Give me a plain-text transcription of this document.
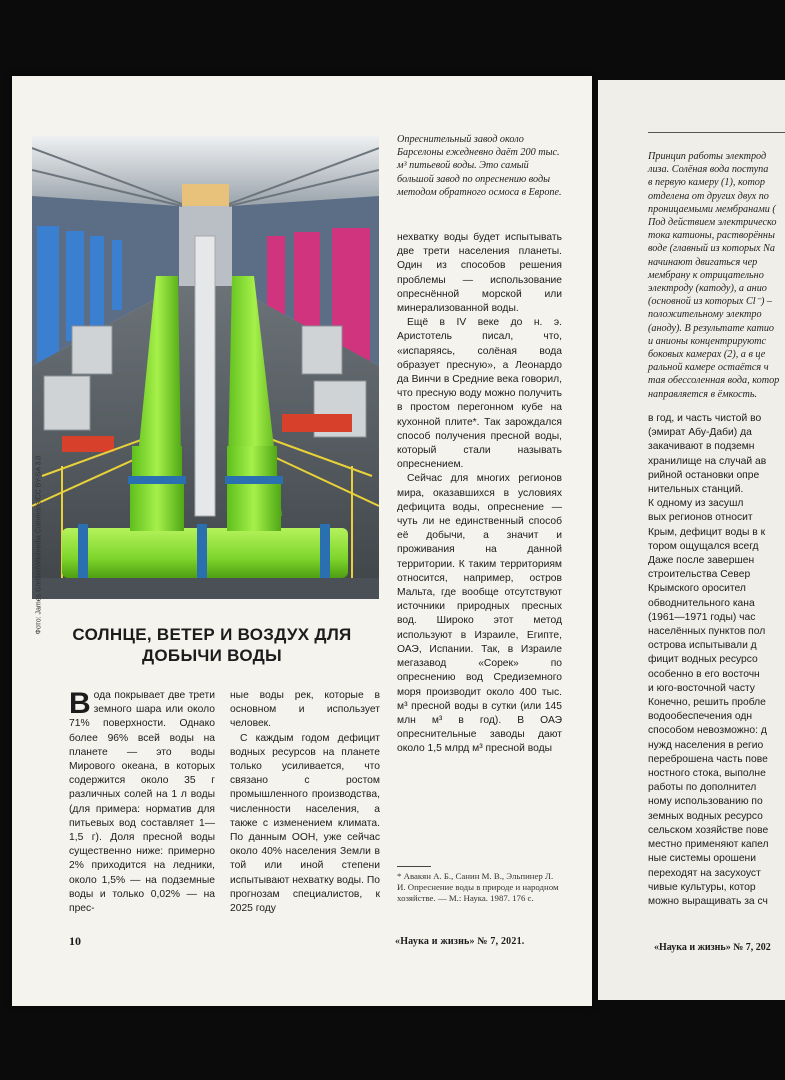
Фото: James Grellier/Wikimedia Commons/CC BY-SA 3.0
Опреснительный завод около Барселоны ежедневно даёт 200 тыс. м³ питьевой воды. Это самый большой завод по опреснению воды методом обратного осмоса в Европе.

нехватку воды будет испытывать две трети населения планеты. Один из способов решения проблемы — использование опреснённой морской или минерализованной воды.

Ещё в IV веке до н. э. Аристотель писал, что, «испаряясь, солёная вода образует пресную», а Леонардо да Винчи в Средние века говорил, что пресную воду можно получить в простом перегонном кубе на кухонной плите*. Так зарождался способ получения пресной воды, который стали называть опреснением.

Сейчас для многих регионов мира, оказавшихся в условиях дефицита воды, опреснение — чуть ли не единственный способ её добычи, а значит и проживания на данной территории. К таким территориям относится, например, остров Мальта, где вообще отсутствуют источники природных пресных вод. Широко этот метод используют в Израиле, Египте, ОАЭ, Испании. Так, в Израиле мегазавод «Сорек» по опреснению вод Средиземного моря производит около 400 тыс. м³ пресной воды в сутки (или 145 млн м³ в год). В ОАЭ опреснительные заводы дают около 1,5 млрд м³ пресной воды

СОЛНЦЕ, ВЕТЕР И ВОЗДУХ ДЛЯ ДОБЫЧИ ВОДЫ
В ода покрывает две трети земного шара или около 71% поверхности. Однако более 96% всей воды на планете — это воды Мирового океана, в которых содержится около 35 г различных солей на 1 л воды (для примера: норматив для питьевых вод составляет 1—1,5 г). Доля пресной воды существенно ниже: примерно 2% приходится на ледники, около 1,5% — на подземные воды и только 0,02% — на прес-

ные воды рек, которые в основном и использует человек.

С каждым годом дефицит водных ресурсов на планете только усиливается, что связано с ростом промышленного производства, численности населения, а также с изменением климата. По данным ООН, уже сейчас около 40% населения Земли в той или иной степени испытывают нехватку воды. По прогнозам специалистов, к 2025 году

* Авакян А. Б., Санин М. В., Эльпинер Л. И. Опреснение воды в природе и народном хозяйстве. — М.: Наука. 1987. 176 с.
10	«Наука и жизнь» № 7, 2021.
Принцип работы электрод
лиза. Солёная вода поступа
в первую камеру (1), котор
отделена от других двух по
проницаемыми мембранами (
Под действием электрическо
тока катионы, растворённы
воде (главный из которых Na
начинают двигаться чер
мембрану к отрицательно
электроду (катоду), а анио
(основной из которых Cl⁻) –
положительному электро
(аноду). В результате катио
и анионы концентрируютс
боковых камерах (2), а в це
ральной камере остаётся ч
тая обессоленная вода, котор
направляется в ёмкость.
в год, и часть чистой во
(эмират Абу-Даби) да
закачивают в подземн
хранилище на случай ав
рийной остановки опре
нительных станций.
К одному из засушл
вых регионов относит
Крым, дефицит воды в к
тором ощущался всегд
Даже после завершен
строительства Север
Крымского оросител
обводнительного кана
(1961—1971 годы) час
населённых пунктов пол
острова испытывали д
фицит водных ресурсо
особенно в его восточн
и юго-восточной часту
Конечно, решить пробле
водообеспечения одн
способом невозможно: д
нужд населения в регио
переброшена часть пове
ностного стока, выполне
работы по дополнител
ному использованию по
земных водных ресурсо
сельском хозяйстве пове
местно применяют капел
ные системы орошени
переходят на засухоуст
чивые культуры, котор
можно выращивать за сч
«Наука и жизнь» № 7, 202
